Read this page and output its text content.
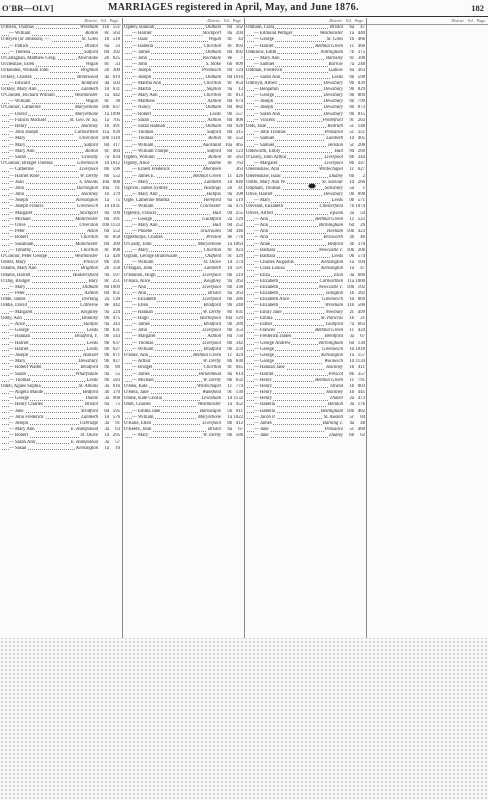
O'BR—OLV]	MARRIAGES registered in April, May, and June 1876.	182
District. Vol. Page.
O'Brien, Thomas	Wrexham 11b 551
— William	Bolton	8c 563
O'Bryen (or Johnson), —	St. Giles	1b 518
— Patrick	Bristol	6a	33
— Theresa	Salford	8d 392
O'Callaghan, Matthew Greg.	Alverstoke	2b 825
Occleshaw, Ellen	Wigan	8c	33
Ockenden, William John	Brighton	2b 300
Ockley, Charles	Brentwood	4a 619
— Edward	Romford	4a 503
Ockley, Mary Ann	Lambeth	1d 631
O'Connell, Richard William	Westminster	1a 442
— William	Wigan	8c	30
O'Connor, Catherine	Marylebone 10b 637
— David	Marylebone	1a 1090
— Francis Michael	St. Geo. H. Sq.	1a 705
— Henry	Hackney	1b 491
— John Joseph	Carmarthen 11a 939
— Mary	Ulverston 10b 1110
— Mary	Salford	8d 317
— Mary Ann	Bolton	8c 464
— Sarah	Grimsby	7a 834
O'Connor, Bridget Theresa	Greenwich	1d 1012
— Catherine	Liverpool	8b 596
— Harriet Rose	W. Derby	8b 552
— Joan	S. Shields 10a 900
— John	Darlington 10a	61
— John	Hackney	1b 379
— Joseph	Kensington	1a	75
— Joseph Francis	Greenwich	1d 1031
— Margaret	Stockport	8a 109
— Michael	Manchester	8d 391
— Olive	Ulverston 10b 1133
— Peter	Aston	6d 552
— Robert	Chorlton	8c 858
— Susannah	Manchester	8d 309
— Timothy	Chorlton	8c 898
O'Connor, Peter George	Westminster	1a 426
Oerter, Mary	Prescot	8b 391
Odams, Mary Ann	Brighton	2b 358
Odams, Harriet	Huddersfield	9a 197
O'Day, Bridget	Bury	8c 251
— Mary	Oldham	8d 1009
— Peter	Ashton	8d 851
Odde, James	Dorking	2a 130
Oddie, David	Clitheroe	8e 442
— Margaret	Keighley	9a 224
Oddy, Ann	Bramley	9b 475
— Alice	Halifax	9a 343
— George	Leeds	9b 631
— Hannah	Bradford, Y.	9b 143
— Harriet	Leeds	9b 637
— Harriet	Leeds	9b 627
— Joseph	Hunslet	9b 671
— Mary	Dewsbury	9b 827
— Robert Walter	Bradford	9b	89
— Sarah	Wharfedale	9a	55
— Thomas	Leeds	9b 583
Odell, Agnes Sophia	St. Albans	3a 616
— Angela Maude	Bedford	3b 370
— George	Thame	3a 968
— Henry Charles	Bristol	6a	75
— Jane	Stratford	6d 595
— John Frederick	Lambeth	1d 576
— Joseph	Uxbridge	3a	91
— Mary Ann	E. Hampstead	3a	63
— Robert	St. Olave	1d 295
— Sarah Ann	E. Hampstead	3a	57
— Susan	Kensington	1a	10
District. Vol. Page.
Ogden, Hannah	Oldham	8d 562
— Harriet	Stockport	8a 204
— Isaac	Wigan	8c	43
— Isabella	Chorlton	8c 893
— James	Oldham	8d 892
— John	Rochdale	8e	7
— John	S. Stoke	6b 899
— Joseph	Prestwich	8d 124
— Joseph	Oldham	8d 1010
— Martha Ann	Chorlton	8c 854
— Martin	Skipton	9a	13
— Mary Ann	Chorlton	8c 813
— Matthew	Ashton	8d 674
— Nancy	Oldham	8d 882
— Robert	Leeds	9b 557
— Sarah	Ashton	8d 908
— Sarah Hannah	Oldham	8d 926
— Thomas	Salford	8d 315
— Thomas	Bolton	8c 552
— William	Auckland 10a 465
— William Thorpe	Salford	8d 123
Ogden, William	Bolton	8c 563
Ogilby, Alice	Hulme	8c 763
— Ernest Frederick	Aberdeen	363
— James E.	Bethnal Green	1c 426
— Mary	Lambeth	1d 640
Ogilvie, James Sydney	Hastings	2b	41
— Mary Ann	Halifax	9a 398
Ogle, Catherine Martha	Hereford	6a 519
— William	Colchester	4a 475
Oglesby, Francis	Hull	9d 255
— George	Guildford	2a 129
— Mary Ann	Hull	9d 252
— Phoebe	Sculcoates	9d 340
Oglethorpe, Charles	Preston	8e 776
O'Grady, John	Marylebone	1a 1063
— Mary	Chorlton	8c 923
Ogram, George Braithwaite	Oldfield	9c 329
— William	St. Olave	1d 274
O'Hagan, John	Lambeth	1d 597
O'Hanlon, Hugh	Liverpool	8b 219
O'Hara, Alice	Keighley	9a 263
— Ann	Liverpool	8b 338
— Ann	Bristol	6a 263
— Elizabeth	Liverpool	8b 286
— Ellen	Bradford	9b 248
— Hannah	W. Derby	8b 631
— Hugh	Hartlepool 10a 129
— James	Bradford	9b 289
— John	Liverpool	8b 353
— Margaret	Ashton	8d 756
— Thomas	Liverpool	8b 342
— William	Bradford	9b 259
O'Hare, Ann	Bethnal Green	1c 424
— Arthur	W. Derby	8b 630
— Bridget	Chorlton	8c 845
— James	Birkenhead	8a 614
— Michael	W. Derby	8b 632
O'Hea, Kate	Whitechapel	1c 774
O'Hera, Jane	Wakefield	9c 130
Ohme, Kate Cecilia	Lewisham	1d 1132
Ohm, Charles	Westminster	1a 452
— Emma Jane	Barnstaple	5b 811
— William	Marylebone	1a 1022
O'Kane, Ellen	Liverpool	8b 412
O'Keefe, John	Bristol	6a	67
— Mary	W. Derby	8b 580
District. Vol. Page.
Oldham, Clara	Bristol	6a	47
— Edmund Pettiger	Westminster	1a 440
— George	St. Giles	1b 466
— Harriet	Bethnal Green	1c 466
Oldknow, Edith	Nottingham	7b 375
— Mary Ann	Barnsley	9c 398
— Samuel	Barrow	7a 248
Oldman, Frederick	Ludlow	6a 363
— Sarah Ann	Leeds	9b 598
Oldroyd, Alfred	Dewsbury	9b 839
— Benjamin	Dewsbury	9b 829
— George	Dewsbury	9b 869
— Joseph	Dewsbury	9b 799
— Joseph	Dewsbury	9b 873
— Sarah Ann	Dewsbury	9b 815
— Vincent	Pontefract	9c 263
Olds, Jane	Redruth	5c 148
— John Thomas	Penzance	5c 251
— Samuel	Lambeth	1d 405
— Samuel	Helston	5c 208
Oldsworth, Emily	Hull	9d 269
O'Leary, John Arthur	Liverpool	8b 344
— Margaret	Liverpool	8b 347
Olerenshaw, Ann	Whitechapel	1c 627
Olerenshaw, Isaac	Dudley	6b	2
Oliffe, Mary Ann W.	St. Saviour	1d 266
Oliphant, Thomas	Salisbury	5a	1
Olive, Harriet	Dewsbury	9b 898
— Mary	Leeds	9b 571
Oliveant, Elizabeth	Chesterfield	7b 1074
Oliver, Alfred	Epsom	2a	54
— Ann	Bethnal Green	1c 522
— Ann	Birmingham	6d	26
— Ann	Hexham 10b 423
— Ann	Brixworth	3b	46
— Anne	Bedford	3b 370
— Barbara	Newcastle T. 10b 206
— Barbara	Leeds	9b 574
— Charles Augustus	Kensington	1a 104
— Clara Louisa	Kensington	1a	47
— Eliza	Eton	3a 680
— Elizabeth	Carmarthen 11a 1000
— Elizabeth	Newcastle T. 10b 102
— Elizabeth	Islington	1b 282
— Elizabeth Alice	Greenwich	1d 869
— Elizabeth	Wrexham 11b 506
— Emily Jane	Newbury	2c 499
— Emma	St. Pancras	1b	21
— Esther	Glanford	7a 663
— Frances	Bethnal Green	1c 424
— Frederick James	Brentford	3a	67
— George Andrew	Birmingham	6d 130
— George	Greenwich	1d 1018
— George	Kensington	1a 157
— George	Woolwich	1d 1134
— Hannah Jane	Hackney	1b 411
— Harriet	Prescot	8b 357
— Henry	Bethnal Green	1c 791
— Henry	Strand	1b 803
— Henry	Hackney	1b 445
— Henry	Thanet	2a 473
— Isabella	Hendon	3a 176
— Isabella	Bellingham 10b 482
— Jacob P.	St. Austell	5c	84
— James	Barking T.	4a	48
— Jane	Penzance	5c 468
— Jane	Dudley	6b	62
District. Vol. Page.
